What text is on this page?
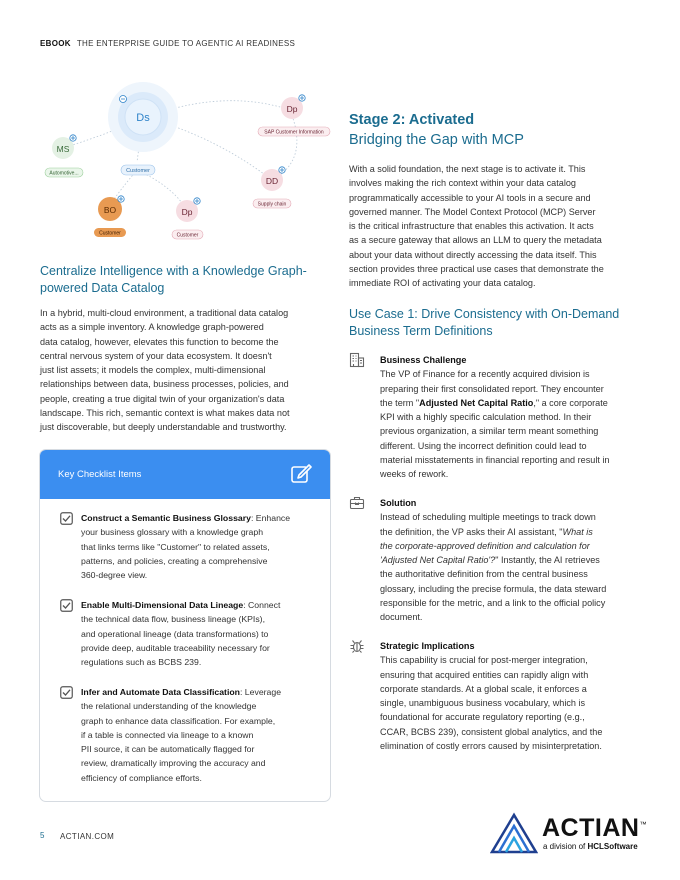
EBOOK THE ENTERPRISE GUIDE TO AGENTIC AI READINESS
Ds
MS
Automotive...	Customer
BO
Customer
Dp
Customer
DD
Supply chain
Dp
SAP Customer Information
Centralize Intelligence with a Knowledge Graph-powered Data Catalog

In a hybrid, multi-cloud environment, a traditional data catalog

acts as a simple inventory. A knowledge graph-powered

data catalog, however, elevates this function to become the

central nervous system of your data ecosystem. It doesn't

just list assets; it models the complex, multi-dimensional

relationships between data, business processes, policies, and

people, creating a true digital twin of your organization's data

landscape. This rich, semantic context is what makes data not

just discoverable, but deeply understandable and trustworthy.

Key Checklist Items
Construct a Semantic Business Glossary: Enhance
your business glossary with a knowledge graph
that links terms like "Customer" to related assets,
patterns, and policies, creating a comprehensive
360-degree view.
Enable Multi-Dimensional Data Lineage: Connect
the technical data flow, business lineage (KPIs),
and operational lineage (data transformations) to
provide deep, auditable traceability necessary for
regulations such as BCBS 239.
Infer and Automate Data Classification: Leverage
the relational understanding of the knowledge
graph to enhance data classification. For example,
if a table is connected via lineage to a known
PII source, it can be automatically flagged for
review, dramatically improving the accuracy and
efficiency of compliance efforts.
Stage 2: Activated
Bridging the Gap with MCP

With a solid foundation, the next stage is to activate it. This

involves making the rich context within your data catalog

programmatically accessible to your AI tools in a secure and

governed manner. The Model Context Protocol (MCP) Server

is the critical infrastructure that enables this activation. It acts

as a secure gateway that allows an LLM to query the metadata

about your data without directly accessing the data itself. This

section provides three practical use cases that demonstrate the

immediate ROI of activating your data catalog.

Use Case 1: Drive Consistency with On-Demand Business Term Definitions
Business Challenge
The VP of Finance for a recently acquired division is
preparing their first consolidated report. They encounter
the term "Adjusted Net Capital Ratio," a core corporate
KPI with a highly specific calculation method. In their
previous organization, a similar term meant something
different. Using the incorrect definition could lead to
material misstatements in financial reporting and result in
weeks of rework.
Solution
Instead of scheduling multiple meetings to track down
the definition, the VP asks their AI assistant, "What is
the corporate-approved definition and calculation for
'Adjusted Net Capital Ratio'?" Instantly, the AI retrieves
the authoritative definition from the central business
glossary, including the precise formula, the data steward
responsible for the metric, and a link to the official policy
document.
Strategic Implications
This capability is crucial for post-merger integration,
ensuring that acquired entities can rapidly align with
corporate standards. At a global scale, it enforces a
single, unambiguous business vocabulary, which is
foundational for accurate regulatory reporting (e.g.,
CCAR, BCBS 239), consistent global analytics, and the
elimination of costly errors caused by misinterpretation.
5 ACTIAN.COM	ACTIAN™
a division of HCLSoftware
